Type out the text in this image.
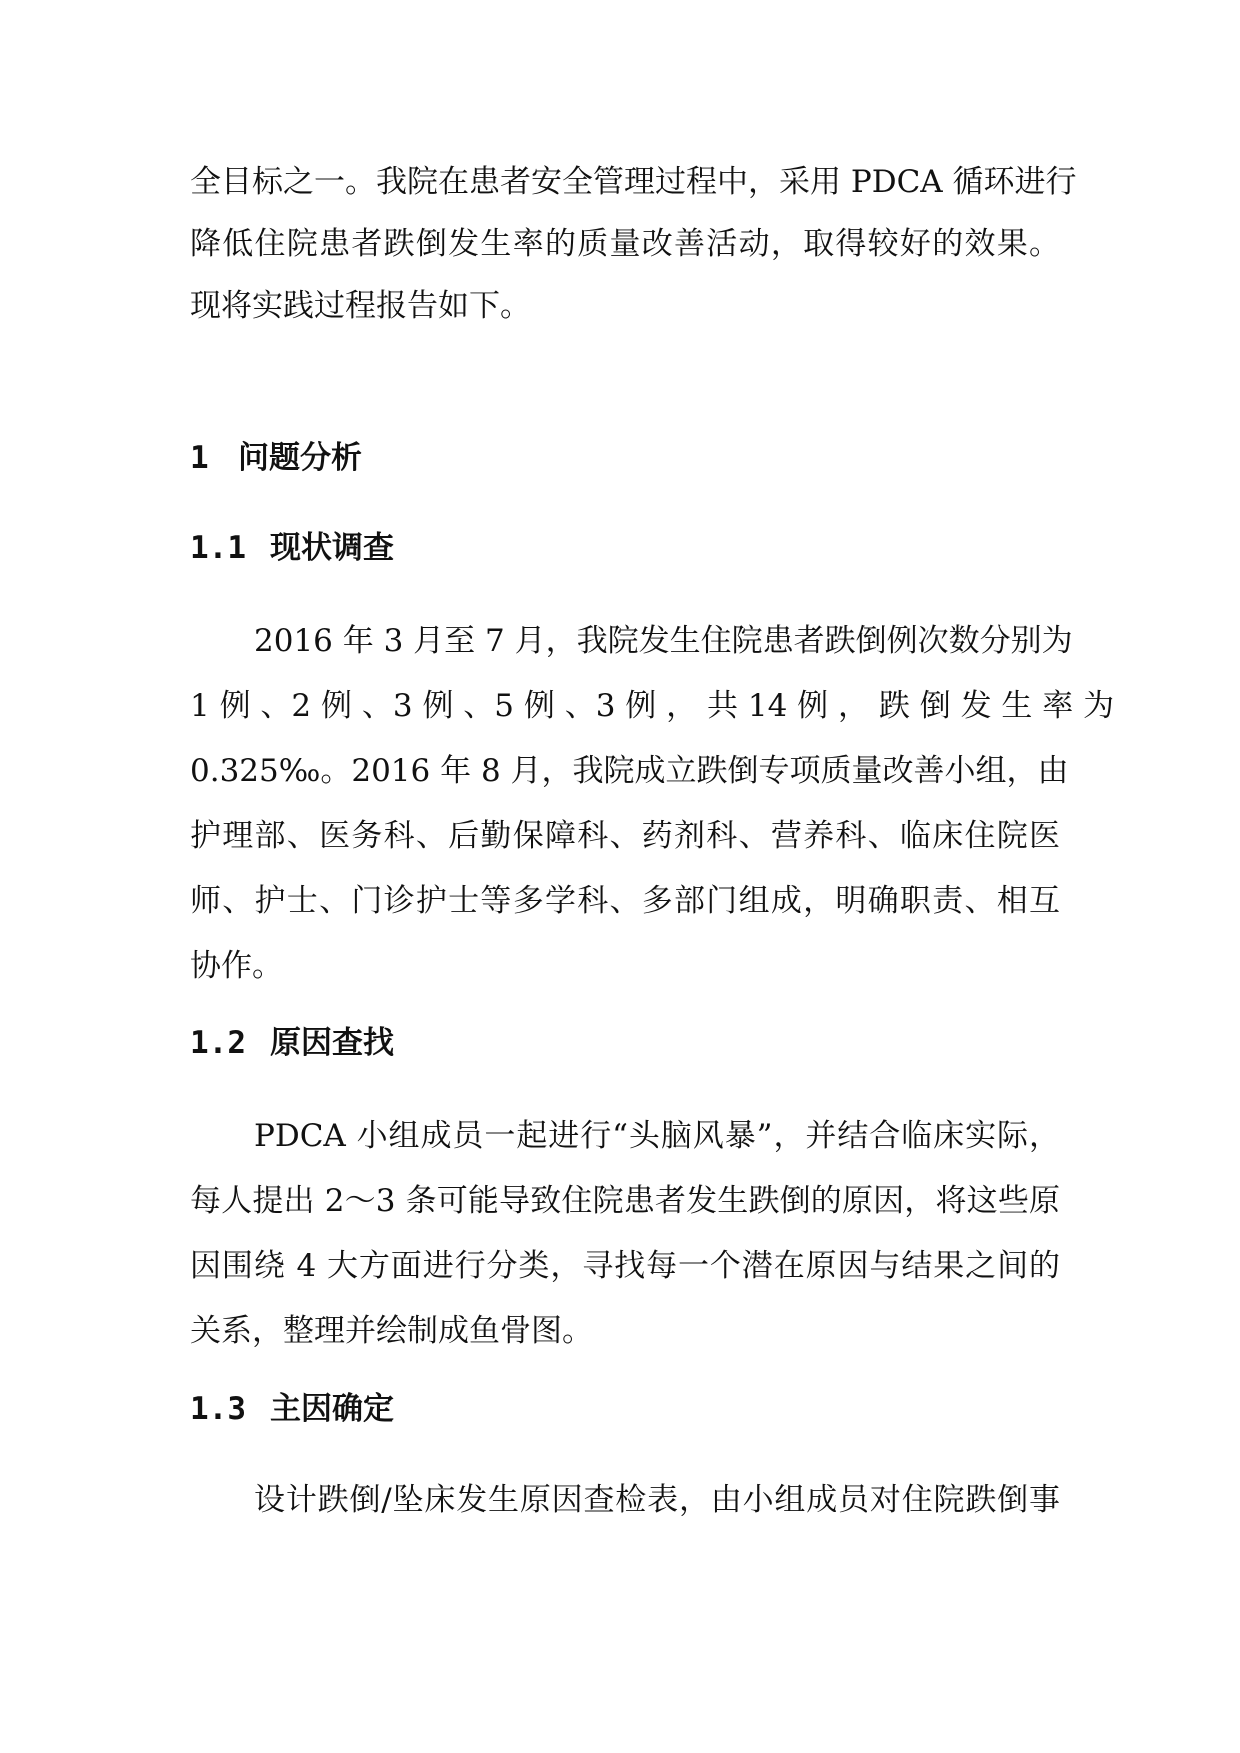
全目标之一。我院在患者安全管理过程中，采用 PDCA 循环进行
降低住院患者跌倒发生率的质量改善活动，取得较好的效果。
现将实践过程报告如下。
1 问题分析
1.1 现状调查
2016 年 3 月至 7 月，我院发生住院患者跌倒例次数分别为
1 例 、2 例 、3 例 、5 例 、3 例 ， 共 14 例 ， 跌 倒 发 生 率 为
0.325‰。2016 年 8 月，我院成立跌倒专项质量改善小组，由
护理部、医务科、后勤保障科、药剂科、营养科、临床住院医
师、护士、门诊护士等多学科、多部门组成，明确职责、相互
协作。
1.2 原因查找
PDCA 小组成员一起进行“头脑风暴”，并结合临床实际，
每人提出 2～3 条可能导致住院患者发生跌倒的原因，将这些原
因围绕 4 大方面进行分类，寻找每一个潜在原因与结果之间的
关系，整理并绘制成鱼骨图。
1.3 主因确定
设计跌倒/坠床发生原因查检表，由小组成员对住院跌倒事
